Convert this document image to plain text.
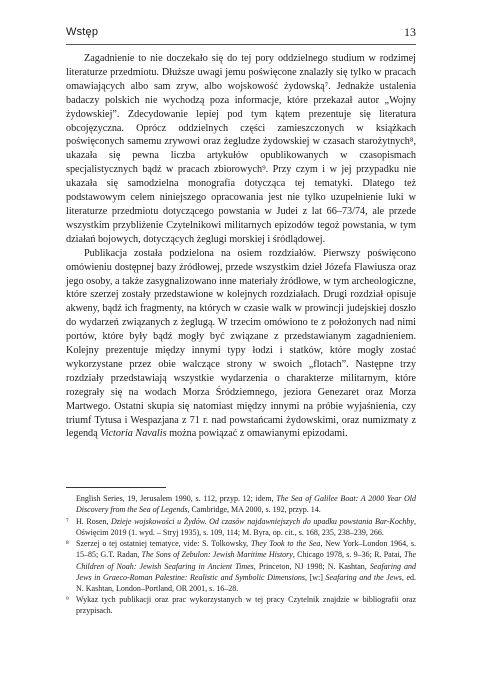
Wstęp	13

Zagadnienie to nie doczekało się do tej pory oddzielnego studium w rodzimej literaturze przedmiotu. Dłuższe uwagi jemu poświęcone znalazły się tylko w pracach omawiających albo sam zryw, albo wojskowość żydowską⁷. Jednakże ustalenia badaczy polskich nie wychodzą poza informacje, które przekazał autor „Wojny żydowskiej”. Zdecydowanie lepiej pod tym kątem prezentuje się literatura obcojęzyczna. Oprócz oddzielnych części zamieszczonych w książkach poświęconych samemu zrywowi oraz żegludze żydowskiej w czasach starożytnych⁸, ukazała się pewna liczba artykułów opublikowanych w czasopismach specjalistycznych bądź w pracach zbiorowych⁹. Przy czym i w jej przypadku nie ukazała się samodzielna monografia dotycząca tej tematyki. Dlatego też podstawowym celem niniejszego opracowania jest nie tylko uzupełnienie luki w literaturze przedmiotu dotyczącego powstania w Judei z lat 66–73/74, ale przede wszystkim przybliżenie Czytelnikowi militarnych epizodów tegoż powstania, w tym działań bojowych, dotyczących żeglugi morskiej i śródlądowej.

Publikacja została podzielona na osiem rozdziałów. Pierwszy poświęcono omówieniu dostępnej bazy źródłowej, przede wszystkim dzieł Józefa Flawiusza oraz jego osoby, a także zasygnalizowano inne materiały źródłowe, w tym archeologiczne, które szerzej zostały przedstawione w kolejnych rozdziałach. Drugi rozdział opisuje akweny, bądź ich fragmenty, na których w czasie walk w prowincji judejskiej doszło do wydarzeń związanych z żeglugą. W trzecim omówiono te z położonych nad nimi portów, które były bądź mogły być związane z przedstawianym zagadnieniem. Kolejny prezentuje między innymi typy łodzi i statków, które mogły zostać wykorzystane przez obie walczące strony w swoich „flotach”. Następne trzy rozdziały przedstawiają wszystkie wydarzenia o charakterze militarnym, które rozegrały się na wodach Morza Śródziemnego, jeziora Genezaret oraz Morza Martwego. Ostatni skupia się natomiast między innymi na próbie wyjaśnienia, czy triumf Tytusa i Wespazjana z 71 r. nad powstańcami żydowskimi, oraz numizmaty z legendą Victoria Navalis można powiązać z omawianymi epizodami.

English Series, 19, Jerusalem 1990, s. 112, przyp. 12; idem, The Sea of Galilee Boat: A 2000 Year Old Discovery from the Sea of Legends, Cambridge, MA 2000, s. 192, przyp. 14.

⁷ H. Rosen, Dzieje wojskowości u Żydów. Od czasów najdawniejszych do upadku powstania Bar-Kochby, Oświęcim 2019 (1. wyd. – Stryj 1935), s. 109, 114; M. Byra, op. cit., s. 168, 235, 238–239, 266.

⁸ Szerzej o tej ostatniej tematyce, vide: S. Tolkowsky, They Took to the Sea, New York–London 1964, s. 15–85; G.T. Radan, The Sons of Zebulon: Jewish Maritime History, Chicago 1978, s. 9–36; R. Patai, The Children of Noah: Jewish Seafaring in Ancient Times, Princeton, NJ 1998; N. Kashtan, Seafaring and Jews in Graeco-Roman Palestine: Realistic and Symbolic Dimensions, [w:] Seafaring and the Jews, ed. N. Kashtan, London–Portland, OR 2001, s. 16–28.

⁹ Wykaz tych publikacji oraz prac wykorzystanych w tej pracy Czytelnik znajdzie w bibliografii oraz przypisach.
